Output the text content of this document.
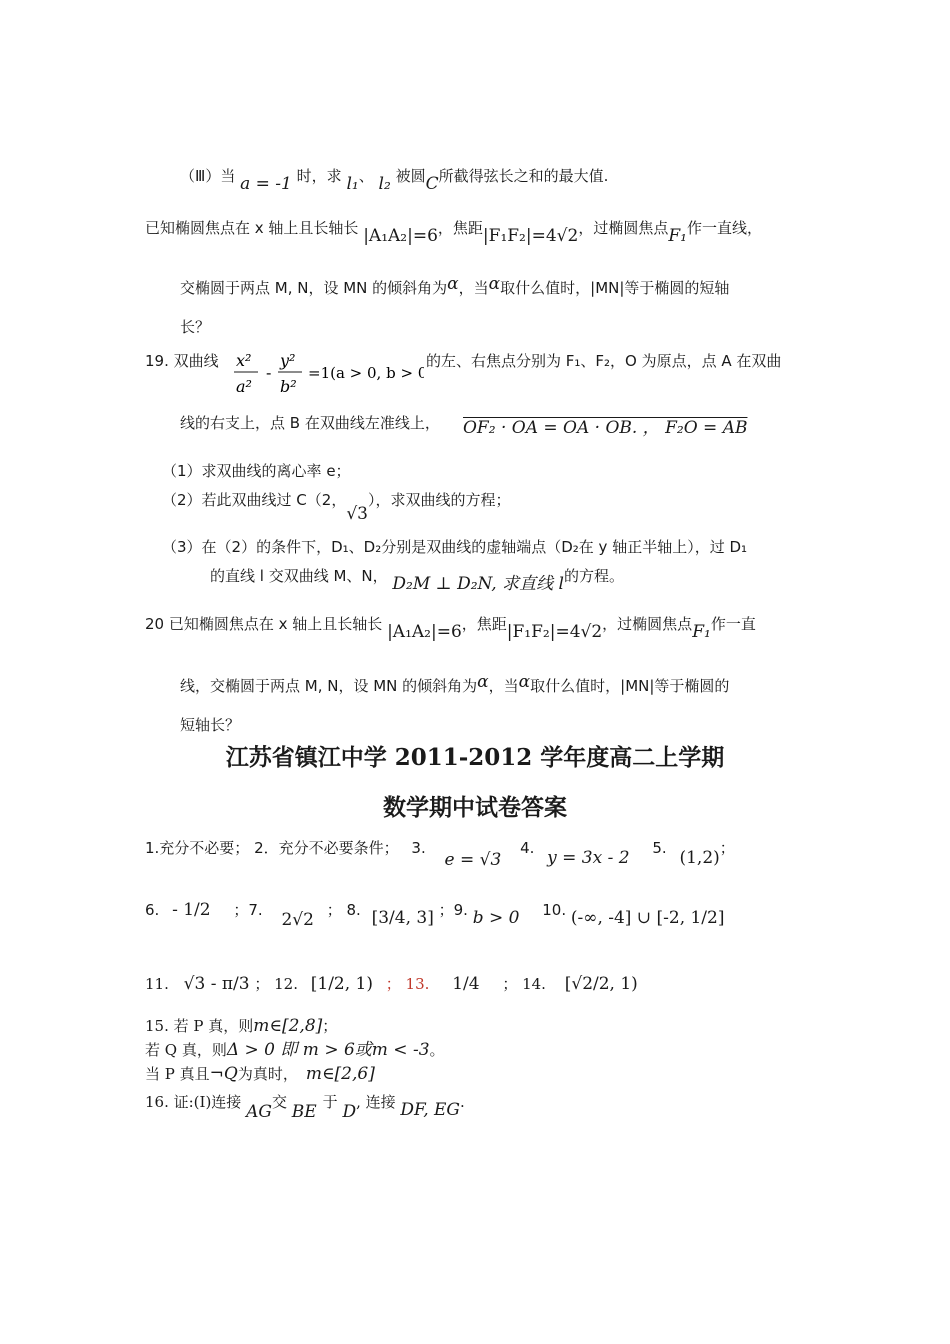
（Ⅲ）当 a = -1 时，求 l₁、 l₂ 被圆C所截得弦长之和的最大值.
已知椭圆焦点在 x 轴上且长轴长 |A₁A₂|=6，焦距|F₁F₂|=4√2，过椭圆焦点F₁作一直线，
交椭圆于两点 M, N，设 MN 的倾斜角为α，当α取什么值时，|MN|等于椭圆的短轴
长？
19. 双曲线 x²
a²
-
y²
b²
=1(a > 0, b > 0)
的左、右焦点分别为 F₁、F₂，O 为原点，点 A 在双曲
线的右支上，点 B 在双曲线左准线上， OF₂ · OA = OA · OB. ， F₂O = AB
（1）求双曲线的离心率 e；
（2）若此双曲线过 C（2，√3），求双曲线的方程；
（3）在（2）的条件下，D₁、D₂分别是双曲线的虚轴端点（D₂在 y 轴正半轴上），过 D₁
的直线 l 交双曲线 M、N， D₂M ⊥ D₂N, 求直线 l的方程。
20 已知椭圆焦点在 x 轴上且长轴长 |A₁A₂|=6，焦距|F₁F₂|=4√2，过椭圆焦点F₁作一直
线，交椭圆于两点 M, N，设 MN 的倾斜角为α，当α取什么值时，|MN|等于椭圆的
短轴长？
江苏省镇江中学 2011-2012 学年度高二上学期
数学期中试卷答案
1.充分不必要； 2．充分不必要条件； 3. e = √3 4. y = 3x - 2 5. (1,2)；
6. - 1/2 ；7. 2√2 ； 8. [3/4, 3] ；9. b > 0 10. (-∞, -4] ∪ [-2, 1/2]
11. √3 - π/3 ； 12. [1/2, 1) ； 13. 1/4 ； 14. [√2/2, 1)
15. 若 P 真，则m∈[2,8]；
若 Q 真，则Δ > 0 即 m > 6或m < -3。
当 P 真且¬Q为真时， m∈[2,6]
16. 证:(Ⅰ)连接 AG交 BE 于 D, 连接 DF, EG.
